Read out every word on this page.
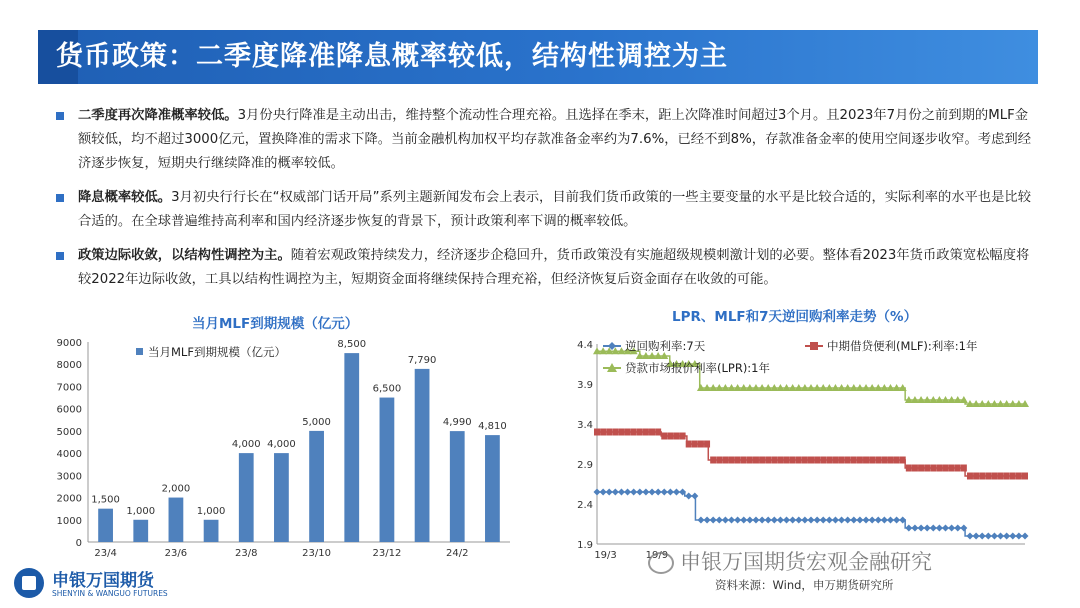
货币政策：二季度降准降息概率较低，结构性调控为主
二季度再次降准概率较低。3月份央行降准是主动出击，维持整个流动性合理充裕。且选择在季末，距上次降准时间超过3个月。且2023年7月份之前到期的MLF金额较低，均不超过3000亿元，置换降准的需求下降。当前金融机构加权平均存款准备金率约为7.6%，已经不到8%，存款准备金率的使用空间逐步收窄。考虑到经济逐步恢复，短期央行继续降准的概率较低。
降息概率较低。3月初央行行长在“权威部门话开局”系列主题新闻发布会上表示，目前我们货币政策的一些主要变量的水平是比较合适的，实际利率的水平也是比较合适的。在全球普遍维持高利率和国内经济逐步恢复的背景下，预计政策利率下调的概率较低。
政策边际收敛，以结构性调控为主。随着宏观政策持续发力，经济逐步企稳回升，货币政策没有实施超级规模刺激计划的必要。整体看2023年货币政策宽松幅度将较2022年边际收敛，工具以结构性调控为主，短期资金面将继续保持合理充裕，但经济恢复后资金面存在收敛的可能。
当月MLF到期规模（亿元）	LPR、MLF和7天逆回购利率走势（%）
0
1000
2000
3000
4000
5000
6000
7000
8000
9000
1,500
23/4
1,000
2,000
23/6
1,000
4,000
23/8
4,000
5,000
23/10
8,500
6,500
23/12
7,790
4,990
24/2
4,810
当月MLF到期规模（亿元）
1.9
2.4
2.9
3.4
3.9
4.4
19/3	19/9
逆回购利率:7天	中期借贷便利(MLF):利率:1年
贷款市场报价利率(LPR):1年
申银万国期货
SHENYIN & WANGUO FUTURES
申银万国期货宏观金融研究
资料来源：Wind，申万期货研究所
